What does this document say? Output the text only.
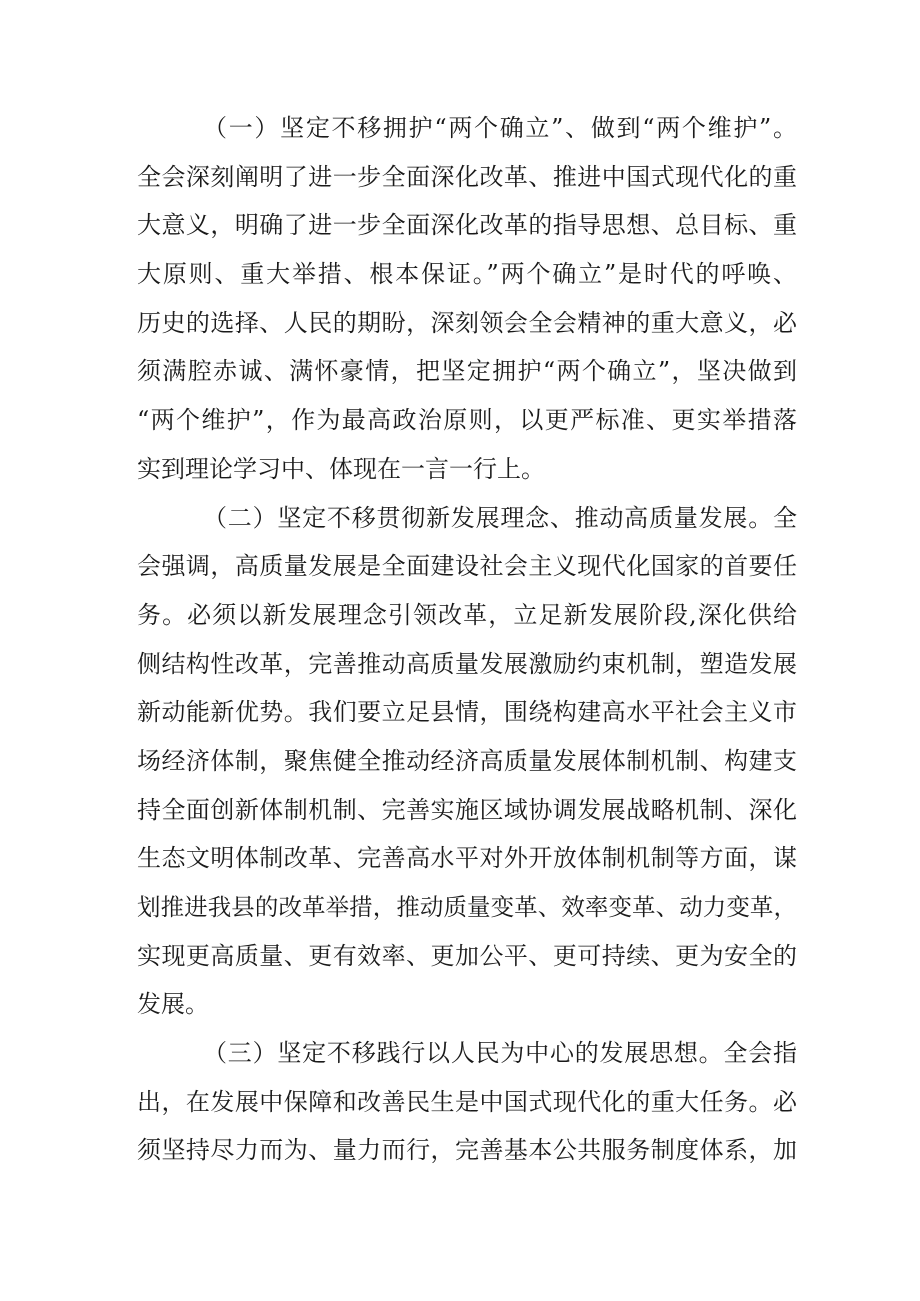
（一）坚定不移拥护“两个确立”、做到“两个维护”。
全会深刻阐明了进一步全面深化改革、推进中国式现代化的重
大意义，明确了进一步全面深化改革的指导思想、总目标、重
大原则、重大举措、根本保证。”两个确立”是时代的呼唤、
历史的选择、人民的期盼，深刻领会全会精神的重大意义，必
须满腔赤诚、满怀豪情，把坚定拥护“两个确立”，坚决做到
“两个维护”，作为最高政治原则，以更严标准、更实举措落
实到理论学习中、体现在一言一行上。
（二）坚定不移贯彻新发展理念、推动高质量发展。全
会强调，高质量发展是全面建设社会主义现代化国家的首要任
务。必须以新发展理念引领改革，立足新发展阶段,深化供给
侧结构性改革，完善推动高质量发展激励约束机制，塑造发展
新动能新优势。我们要立足县情，围绕构建高水平社会主义市
场经济体制，聚焦健全推动经济高质量发展体制机制、构建支
持全面创新体制机制、完善实施区域协调发展战略机制、深化
生态文明体制改革、完善高水平对外开放体制机制等方面，谋
划推进我县的改革举措，推动质量变革、效率变革、动力变革，
实现更高质量、更有效率、更加公平、更可持续、更为安全的
发展。
（三）坚定不移践行以人民为中心的发展思想。全会指
出，在发展中保障和改善民生是中国式现代化的重大任务。必
须坚持尽力而为、量力而行，完善基本公共服务制度体系，加
